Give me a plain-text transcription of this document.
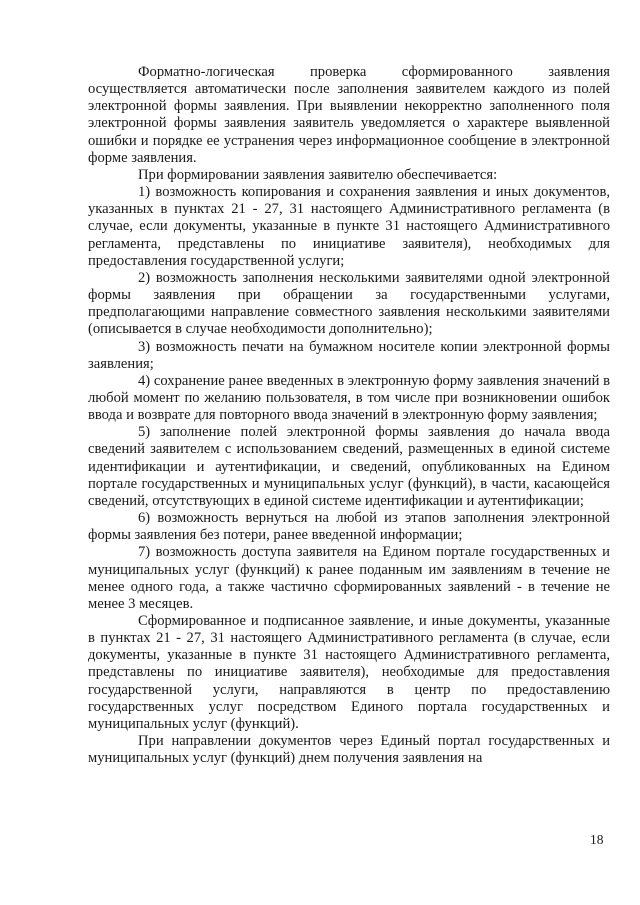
Форматно-логическая проверка сформированного заявления осуществляется автоматически после заполнения заявителем каждого из полей электронной формы заявления. При выявлении некорректно заполненного поля электронной формы заявления заявитель уведомляется о характере выявленной ошибки и порядке ее устранения через информационное сообщение в электронной форме заявления.

При формировании заявления заявителю обеспечивается:

1) возможность копирования и сохранения заявления и иных документов, указанных в пунктах 21 - 27, 31 настоящего Административного регламента (в случае, если документы, указанные в пункте 31 настоящего Административного регламента, представлены по инициативе заявителя), необходимых для предоставления государственной услуги;

2) возможность заполнения несколькими заявителями одной электронной формы заявления при обращении за государственными услугами, предполагающими направление совместного заявления несколькими заявителями (описывается в случае необходимости дополнительно);

3) возможность печати на бумажном носителе копии электронной формы заявления;

4) сохранение ранее введенных в электронную форму заявления значений в любой момент по желанию пользователя, в том числе при возникновении ошибок ввода и возврате для повторного ввода значений в электронную форму заявления;

5) заполнение полей электронной формы заявления до начала ввода сведений заявителем с использованием сведений, размещенных в единой системе идентификации и аутентификации, и сведений, опубликованных на Едином портале государственных и муниципальных услуг (функций), в части, касающейся сведений, отсутствующих в единой системе идентификации и аутентификации;

6) возможность вернуться на любой из этапов заполнения электронной формы заявления без потери, ранее введенной информации;

7) возможность доступа заявителя на Едином портале государственных и муниципальных услуг (функций) к ранее поданным им заявлениям в течение не менее одного года, а также частично сформированных заявлений - в течение не менее 3 месяцев.

Сформированное и подписанное заявление, и иные документы, указанные в пунктах 21 - 27, 31 настоящего Административного регламента (в случае, если документы, указанные в пункте 31 настоящего Административного регламента, представлены по инициативе заявителя), необходимые для предоставления государственной услуги, направляются в центр по предоставлению государственных услуг посредством Единого портала государственных и муниципальных услуг (функций).

При направлении документов через Единый портал государственных и муниципальных услуг (функций) днем получения заявления на

18
